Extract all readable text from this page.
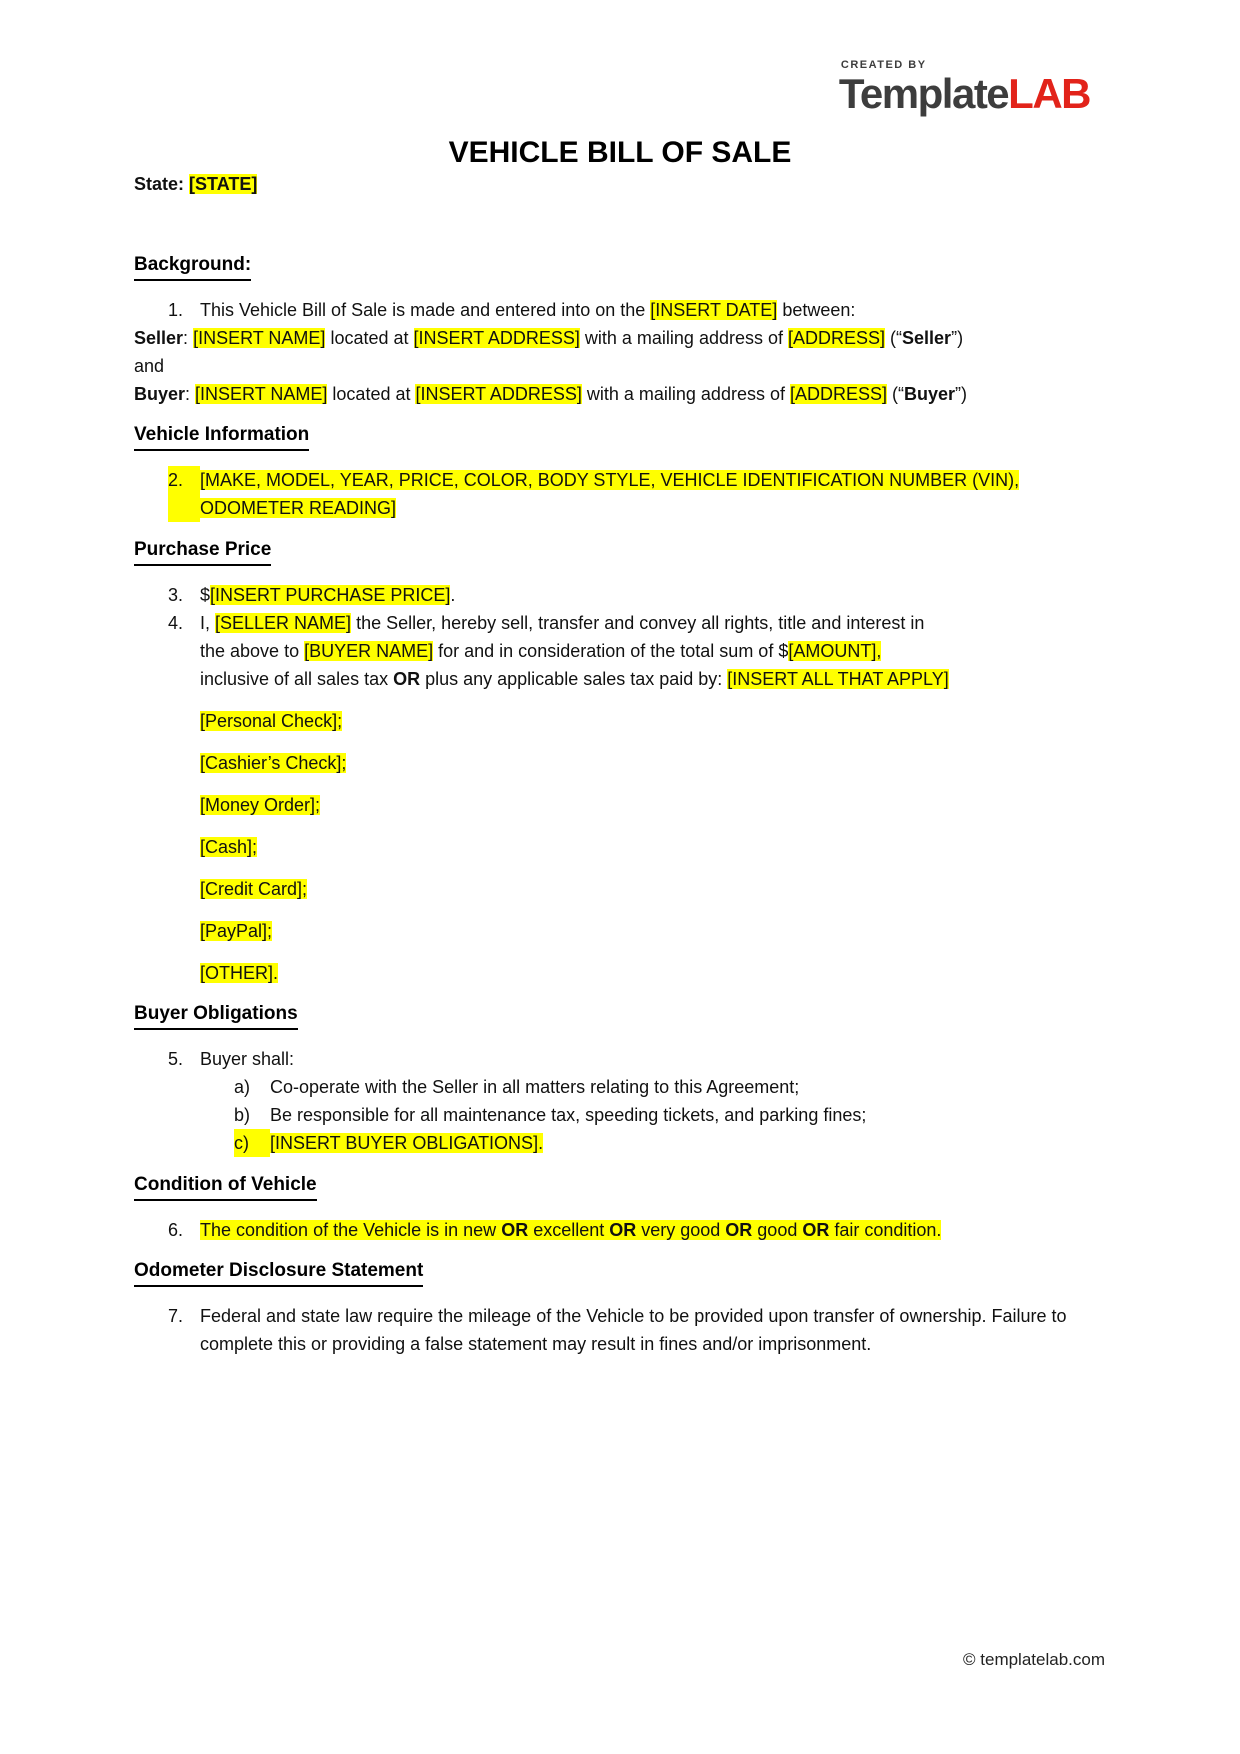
CREATED BY
TemplateLAB
VEHICLE BILL OF SALE

State: [STATE]

Background:
1. This Vehicle Bill of Sale is made and entered into on the [INSERT DATE] between:

Seller: [INSERT NAME] located at [INSERT ADDRESS] with a mailing address of [ADDRESS] (“Seller”)
and

Buyer: [INSERT NAME] located at [INSERT ADDRESS] with a mailing address of [ADDRESS] (“Buyer”)

Vehicle Information
2. [MAKE, MODEL, YEAR, PRICE, COLOR, BODY STYLE, VEHICLE IDENTIFICATION NUMBER (VIN),
ODOMETER READING]
Purchase Price
3. $[INSERT PURCHASE PRICE].
4. I, [SELLER NAME] the Seller, hereby sell, transfer and convey all rights, title and interest in
the above to [BUYER NAME] for and in consideration of the total sum of $[AMOUNT],
inclusive of all sales tax OR plus any applicable sales tax paid by: [INSERT ALL THAT APPLY]

[Personal Check];

[Cashier’s Check];

[Money Order];

[Cash];

[Credit Card];

[PayPal];

[OTHER].

Buyer Obligations
5. Buyer shall:
a)	Co-operate with the Seller in all matters relating to this Agreement;
b)	Be responsible for all maintenance tax, speeding tickets, and parking fines;
c)	[INSERT BUYER OBLIGATIONS].
Condition of Vehicle
6. The condition of the Vehicle is in new OR excellent OR very good OR good OR fair condition.
Odometer Disclosure Statement
7. Federal and state law require the mileage of the Vehicle to be provided upon transfer of ownership. Failure to complete this or providing a false statement may result in fines and/or imprisonment.
© templatelab.com
